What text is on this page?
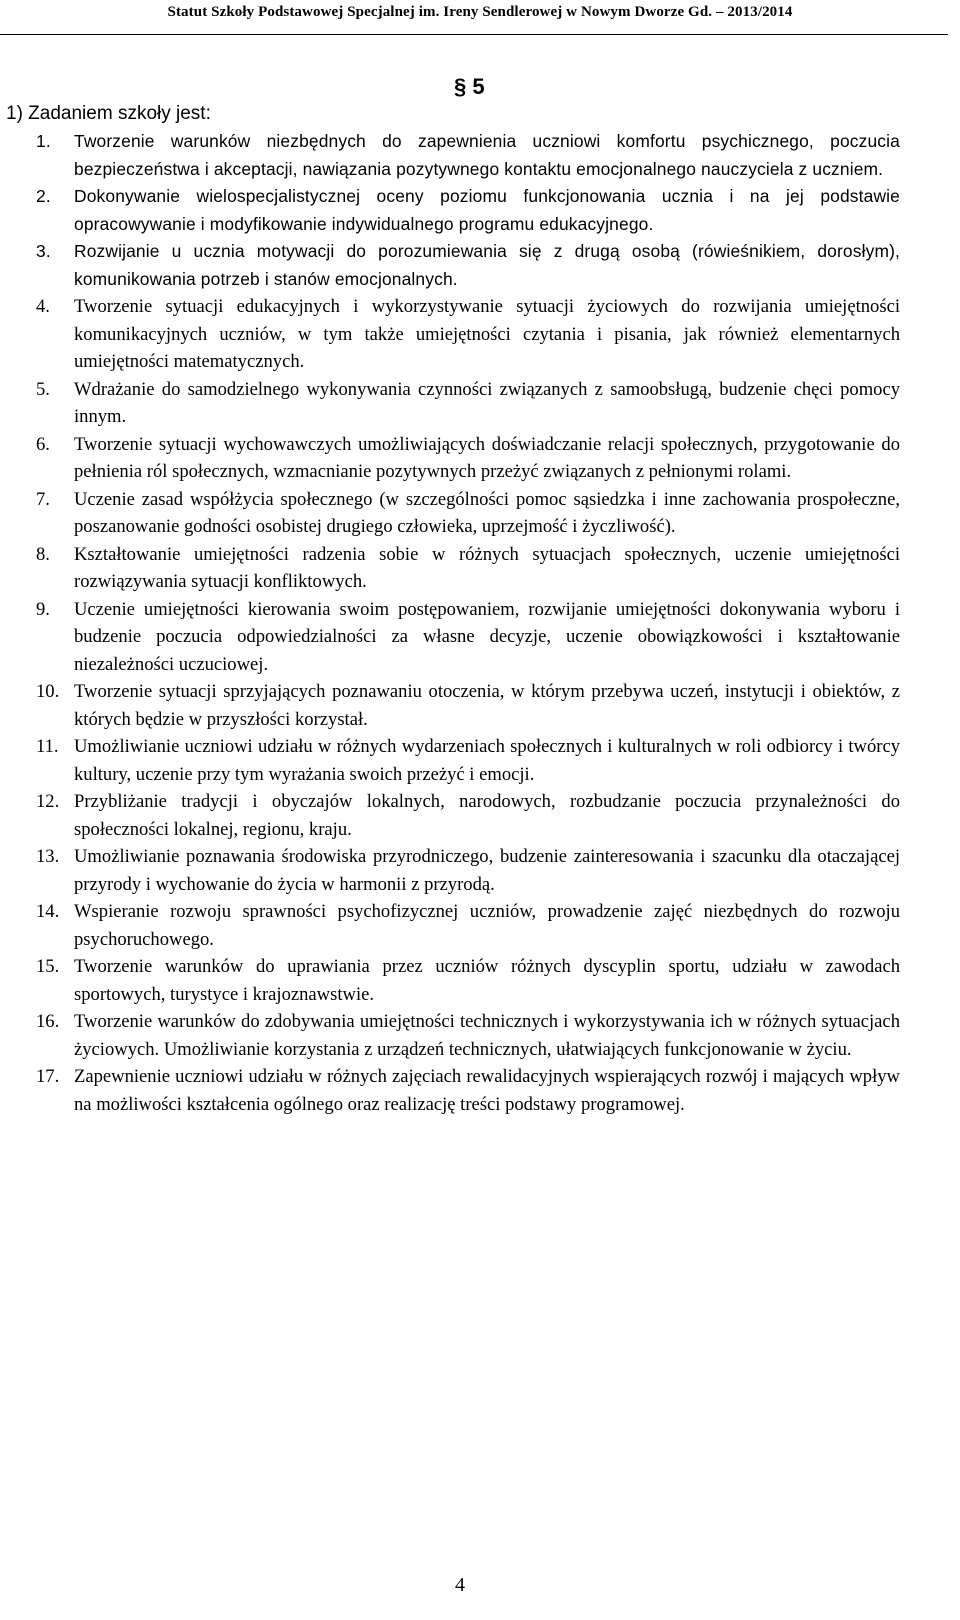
Statut Szkoły Podstawowej Specjalnej im. Ireny Sendlerowej w Nowym Dworze Gd. – 2013/2014
§ 5
1) Zadaniem szkoły jest:
1. Tworzenie warunków niezbędnych do zapewnienia uczniowi komfortu psychicznego, poczucia bezpieczeństwa i akceptacji, nawiązania pozytywnego kontaktu emocjonalnego nauczyciela z uczniem.
2. Dokonywanie wielospecjalistycznej oceny poziomu funkcjonowania ucznia i na jej podstawie opracowywanie i modyfikowanie indywidualnego programu edukacyjnego.
3. Rozwijanie u ucznia motywacji do porozumiewania się z drugą osobą (rówieśnikiem, dorosłym), komunikowania potrzeb i stanów emocjonalnych.
4. Tworzenie sytuacji edukacyjnych i wykorzystywanie sytuacji życiowych do rozwijania umiejętności komunikacyjnych uczniów, w tym także umiejętności czytania i pisania, jak również elementarnych umiejętności matematycznych.
5. Wdrażanie do samodzielnego wykonywania czynności związanych z samoobsługą, budzenie chęci pomocy innym.
6. Tworzenie sytuacji wychowawczych umożliwiających doświadczanie relacji społecznych, przygotowanie do pełnienia ról społecznych, wzmacnianie pozytywnych przeżyć związanych z pełnionymi rolami.
7. Uczenie zasad współżycia społecznego (w szczególności pomoc sąsiedzka i inne zachowania prospołeczne, poszanowanie godności osobistej drugiego człowieka, uprzejmość i życzliwość).
8. Kształtowanie umiejętności radzenia sobie w różnych sytuacjach społecznych, uczenie umiejętności rozwiązywania sytuacji konfliktowych.
9. Uczenie umiejętności kierowania swoim postępowaniem, rozwijanie umiejętności dokonywania wyboru i budzenie poczucia odpowiedzialności za własne decyzje, uczenie obowiązkowości i kształtowanie niezależności uczuciowej.
10. Tworzenie sytuacji sprzyjających poznawaniu otoczenia, w którym przebywa uczeń, instytucji i obiektów, z których będzie w przyszłości korzystał.
11. Umożliwianie uczniowi udziału w różnych wydarzeniach społecznych i kulturalnych w roli odbiorcy i twórcy kultury, uczenie przy tym wyrażania swoich przeżyć i emocji.
12. Przybliżanie tradycji i obyczajów lokalnych, narodowych, rozbudzanie poczucia przynależności do społeczności lokalnej, regionu, kraju.
13. Umożliwianie poznawania środowiska przyrodniczego, budzenie zainteresowania i szacunku dla otaczającej przyrody i wychowanie do życia w harmonii z przyrodą.
14. Wspieranie rozwoju sprawności psychofizycznej uczniów, prowadzenie zajęć niezbędnych do rozwoju psychoruchowego.
15. Tworzenie warunków do uprawiania przez uczniów różnych dyscyplin sportu, udziału w zawodach sportowych, turystyce i krajoznawstwie.
16. Tworzenie warunków do zdobywania umiejętności technicznych i wykorzystywania ich w różnych sytuacjach życiowych. Umożliwianie korzystania z urządzeń technicznych, ułatwiających funkcjonowanie w życiu.
17. Zapewnienie uczniowi udziału w różnych zajęciach rewalidacyjnych wspierających rozwój i mających wpływ na możliwości kształcenia ogólnego oraz realizację treści podstawy programowej.
4
